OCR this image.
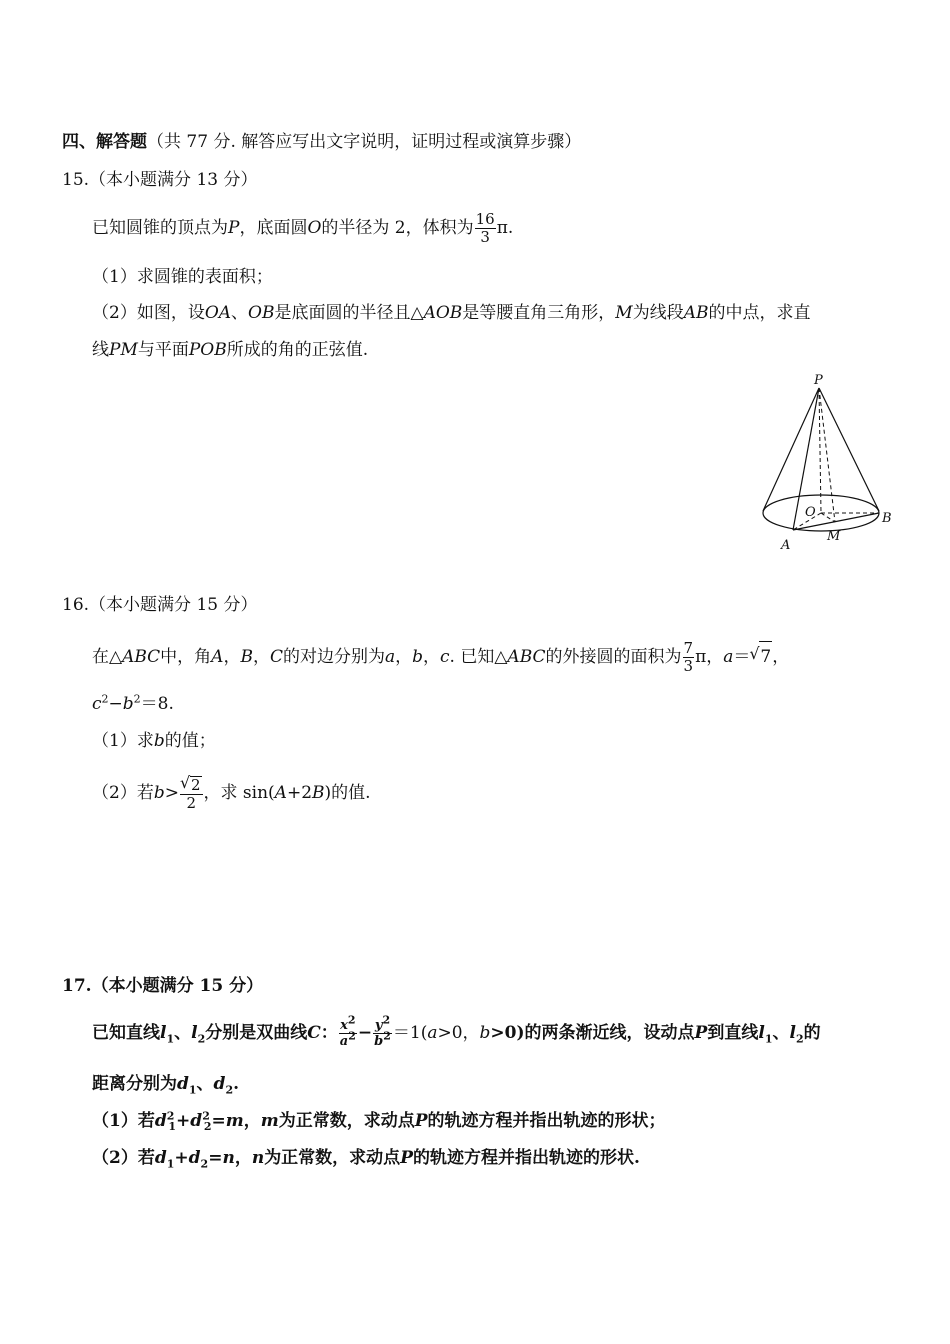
四、解答题（共 77 分. 解答应写出文字说明，证明过程或演算步骤）
15.（本小题满分 13 分）
已知圆锥的顶点为P，底面圆O的半径为 2，体积为 $\frac{16}{3} \pi$.
（1）求圆锥的表面积；
（2）如图，设OA、OB是底面圆的半径且△AOB是等腰直角三角形，M为线段AB的中点，求直
线PM与平面POB所成的角的正弦值.
P
O	B
A
M
16.（本小题满分 15 分）
在△ABC中，角A，B，C的对边分别为a，b，c. 已知△ABC的外接圆的面积为 $\frac{7}{3}$ π，a＝ √ 7，
$c^2-b^2=8$.
（1）求b的值；
（2）若b> √ $\frac{2}{2}$ ，求 sin(A+2B)的值.
17.（本小题满分 15 分）
已知直线$l_1$、$l_2$分别是双曲线C： $\frac{x^2}{a^2} - \frac{y^2}{b^2} =1(a>0$，b>0)的两条渐近线，设动点P到直线$l_1$、$l_2$的
距离分别为$d_1$、$d_2$.
（1）若$d^2_1+d^2_2=m$，m为正常数，求动点P的轨迹方程并指出轨迹的形状；
（2）若$d_1+d_2=n$，n为正常数，求动点P的轨迹方程并指出轨迹的形状.
